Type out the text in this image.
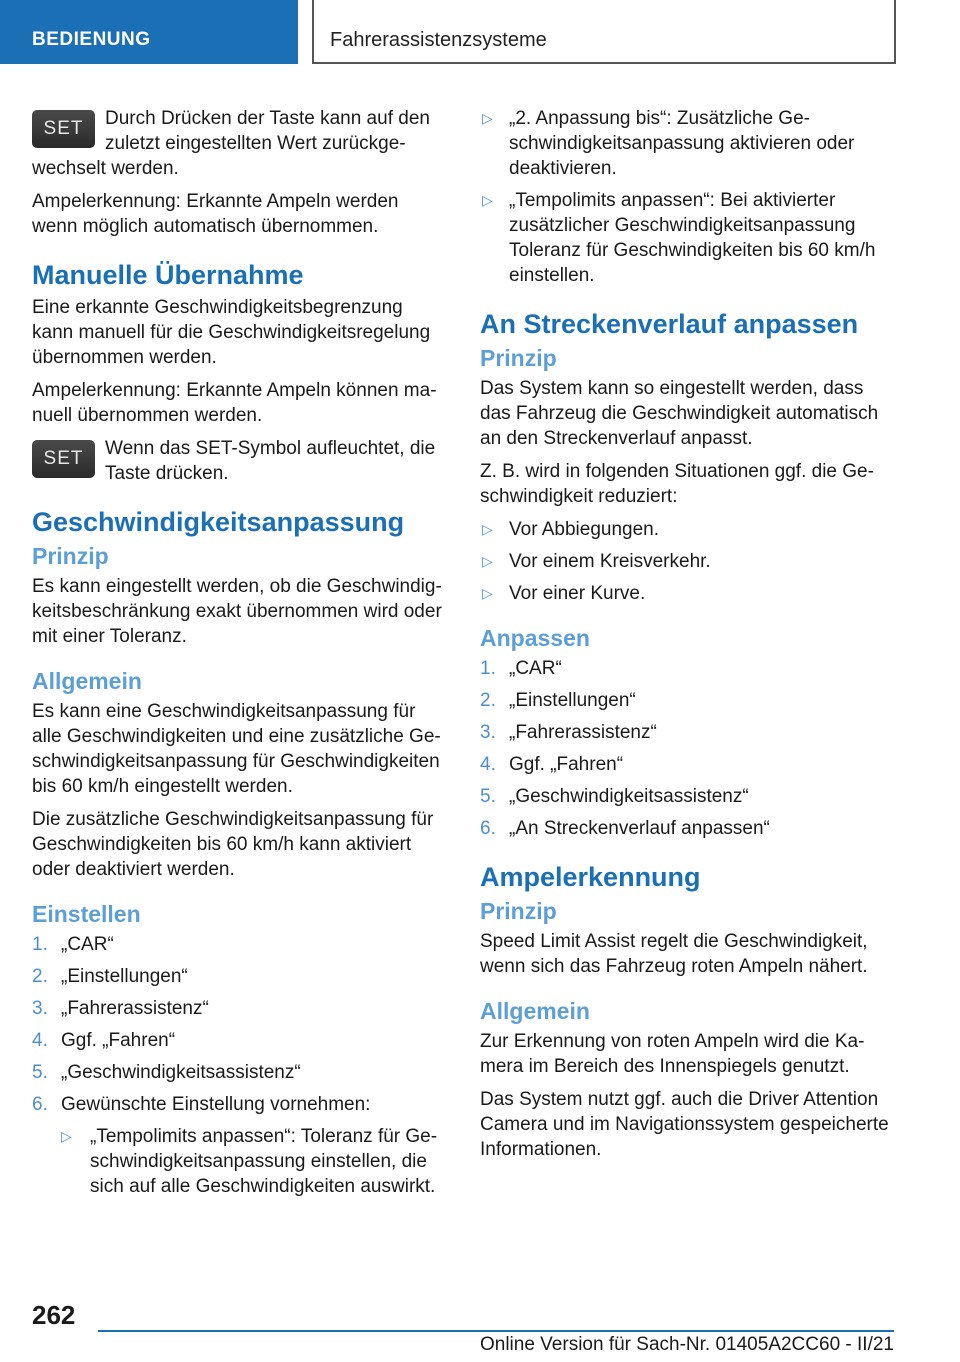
BEDIENUNG	Fahrerassistenzsysteme
SET	Durch Drücken der Taste kann auf den zuletzt eingestellten Wert zurückgewechselt werden.

Ampelerkennung: Erkannte Ampeln werden wenn möglich automatisch übernommen.

Manuelle Übernahme

Eine erkannte Geschwindigkeitsbegrenzung kann manuell für die Geschwindigkeitsregelung übernommen werden.

Ampelerkennung: Erkannte Ampeln können manuell übernommen werden.

SET	Wenn das SET-Symbol aufleuchtet, die Taste drücken.
Geschwindigkeitsanpassung
Prinzip

Es kann eingestellt werden, ob die Geschwindigkeitsbeschränkung exakt übernommen wird oder mit einer Toleranz.

Allgemein

Es kann eine Geschwindigkeitsanpassung für alle Geschwindigkeiten und eine zusätzliche Geschwindigkeitsanpassung für Geschwindigkeiten bis 60 km/h eingestellt werden.

Die zusätzliche Geschwindigkeitsanpassung für Geschwindigkeiten bis 60 km/h kann aktiviert oder deaktiviert werden.

Einstellen
1. „CAR“
2. „Einstellungen“
3. „Fahrerassistenz“
4. Ggf. „Fahren“
5. „Geschwindigkeitsassistenz“
6. Gewünschte Einstellung vornehmen:
▷ „Tempolimits anpassen“: Toleranz für Geschwindigkeitsanpassung einstellen, die sich auf alle Geschwindigkeiten auswirkt.
▷ „2. Anpassung bis“: Zusätzliche Geschwindigkeitsanpassung aktivieren oder deaktivieren.
▷ „Tempolimits anpassen“: Bei aktivierter zusätzlicher Geschwindigkeitsanpassung Toleranz für Geschwindigkeiten bis 60 km/h einstellen.
An Streckenverlauf anpassen
Prinzip

Das System kann so eingestellt werden, dass das Fahrzeug die Geschwindigkeit automatisch an den Streckenverlauf anpasst.

Z. B. wird in folgenden Situationen ggf. die Geschwindigkeit reduziert:

▷ Vor Abbiegungen.
▷ Vor einem Kreisverkehr.
▷ Vor einer Kurve.
Anpassen
1. „CAR“
2. „Einstellungen“
3. „Fahrerassistenz“
4. Ggf. „Fahren“
5. „Geschwindigkeitsassistenz“
6. „An Streckenverlauf anpassen“
Ampelerkennung
Prinzip

Speed Limit Assist regelt die Geschwindigkeit, wenn sich das Fahrzeug roten Ampeln nähert.

Allgemein

Zur Erkennung von roten Ampeln wird die Kamera im Bereich des Innenspiegels genutzt.

Das System nutzt ggf. auch die Driver Attention Camera und im Navigationssystem gespeicherte Informationen.

262
Online Version für Sach-Nr. 01405A2CC60 - II/21
